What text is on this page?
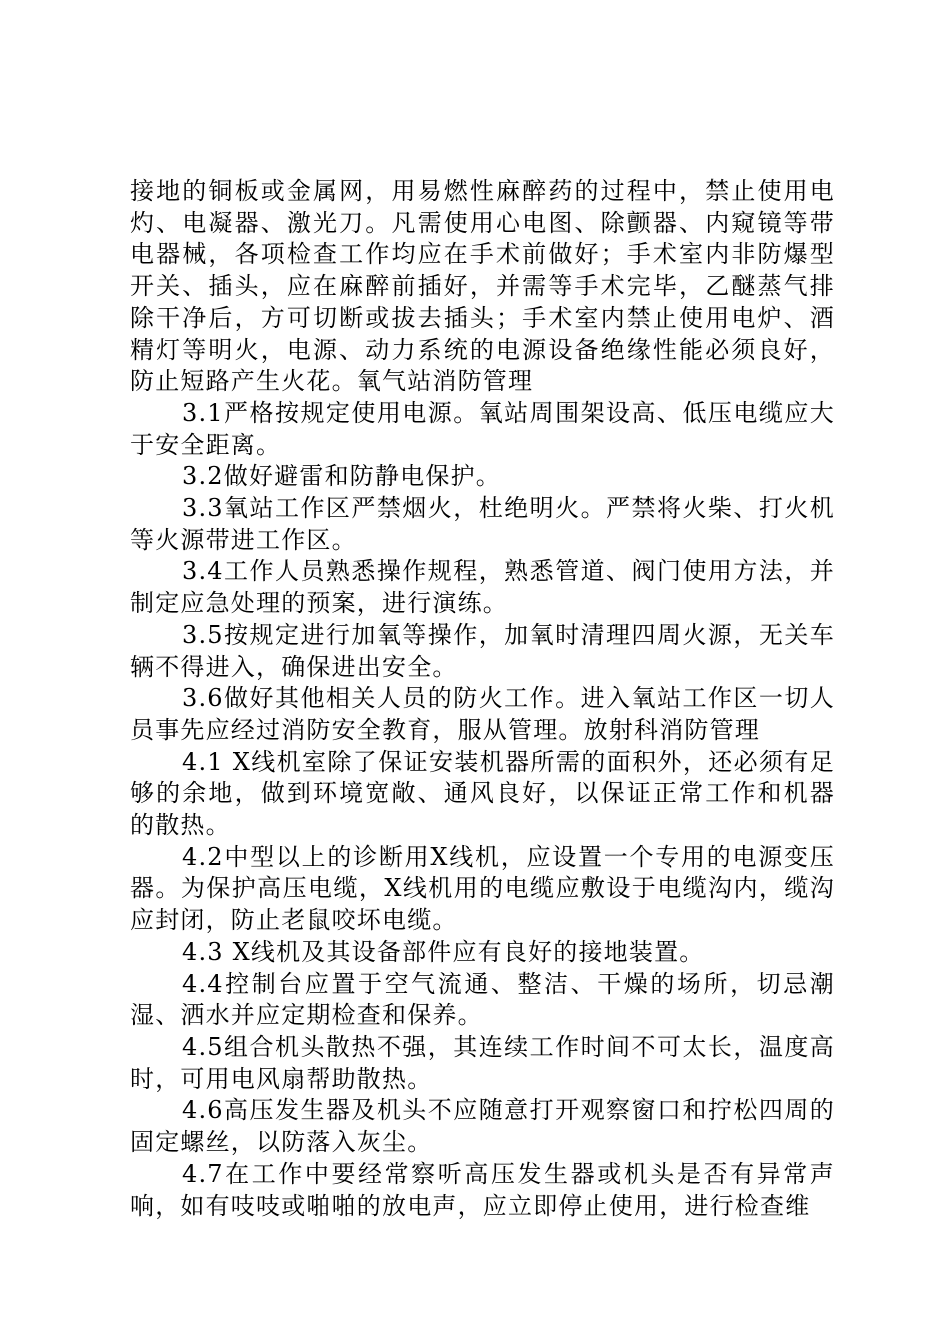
接地的铜板或金属网，用易燃性麻醉药的过程中，禁止使用电灼、电凝器、激光刀。凡需使用心电图、除颤器、内窥镜等带电器械，各项检查工作均应在手术前做好；手术室内非防爆型开关、插头，应在麻醉前插好，并需等手术完毕，乙醚蒸气排除干净后，方可切断或拔去插头；手术室内禁止使用电炉、酒精灯等明火，电源、动力系统的电源设备绝缘性能必须良好，防止短路产生火花。氧气站消防管理

3.1严格按规定使用电源。氧站周围架设高、低压电缆应大于安全距离。

3.2做好避雷和防静电保护。

3.3氧站工作区严禁烟火，杜绝明火。严禁将火柴、打火机等火源带进工作区。

3.4工作人员熟悉操作规程，熟悉管道、阀门使用方法，并制定应急处理的预案，进行演练。

3.5按规定进行加氧等操作，加氧时清理四周火源，无关车辆不得进入，确保进出安全。

3.6做好其他相关人员的防火工作。进入氧站工作区一切人员事先应经过消防安全教育，服从管理。放射科消防管理

4.1 X线机室除了保证安装机器所需的面积外，还必须有足够的余地，做到环境宽敞、通风良好，以保证正常工作和机器的散热。

4.2中型以上的诊断用X线机，应设置一个专用的电源变压器。为保护高压电缆，X线机用的电缆应敷设于电缆沟内，缆沟应封闭，防止老鼠咬坏电缆。

4.3 X线机及其设备部件应有良好的接地装置。

4.4控制台应置于空气流通、整洁、干燥的场所，切忌潮湿、洒水并应定期检查和保养。

4.5组合机头散热不强，其连续工作时间不可太长，温度高时，可用电风扇帮助散热。

4.6高压发生器及机头不应随意打开观察窗口和拧松四周的固定螺丝，以防落入灰尘。

4.7在工作中要经常察听高压发生器或机头是否有异常声响，如有吱吱或啪啪的放电声，应立即停止使用，进行检查维
